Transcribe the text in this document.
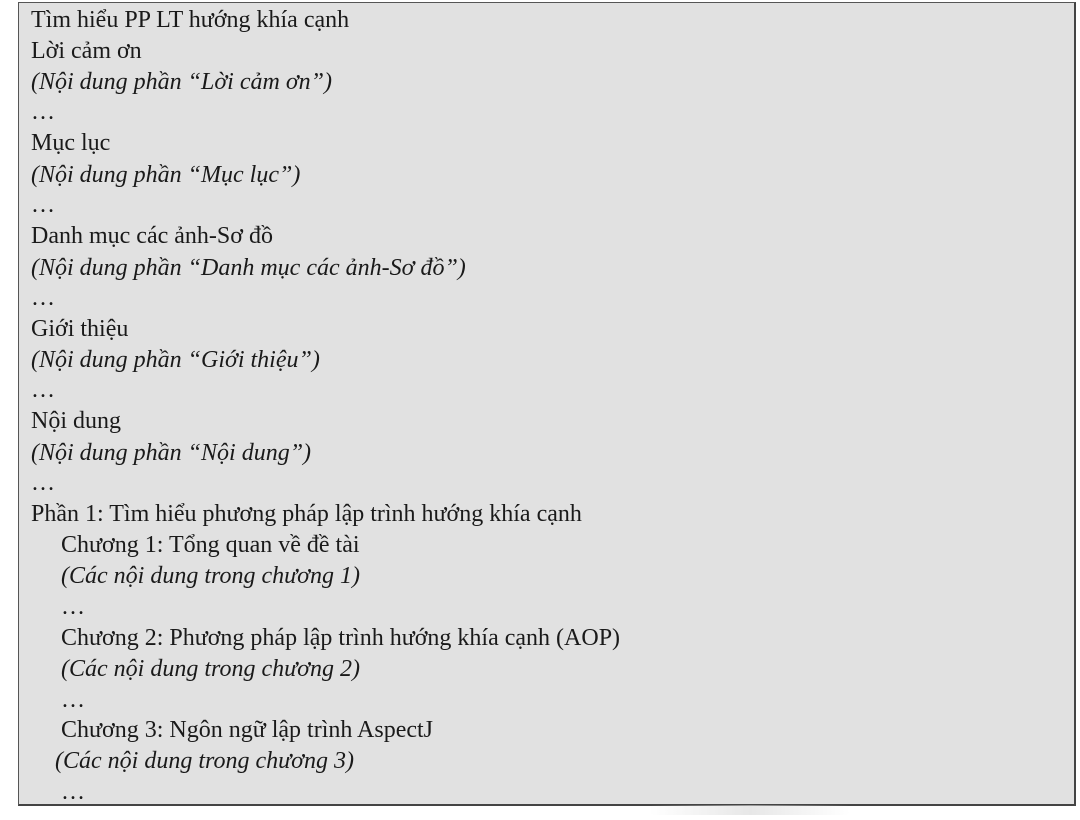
Tìm hiểu PP LT hướng khía cạnh
Lời cảm ơn
(Nội dung phần “Lời cảm ơn”)
…
Mục lục
(Nội dung phần “Mục lục”)
…
Danh mục các ảnh-Sơ đồ
(Nội dung phần “Danh mục các ảnh-Sơ đồ”)
…
Giới thiệu
(Nội dung phần “Giới thiệu”)
…
Nội dung
(Nội dung phần “Nội dung”)
…
Phần 1: Tìm hiểu phương pháp lập trình hướng khía cạnh
Chương 1: Tổng quan về đề tài
(Các nội dung trong chương 1)
…
Chương 2: Phương pháp lập trình hướng khía cạnh (AOP)
(Các nội dung trong chương 2)
…
Chương 3: Ngôn ngữ lập trình AspectJ
(Các nội dung trong chương 3)
…
